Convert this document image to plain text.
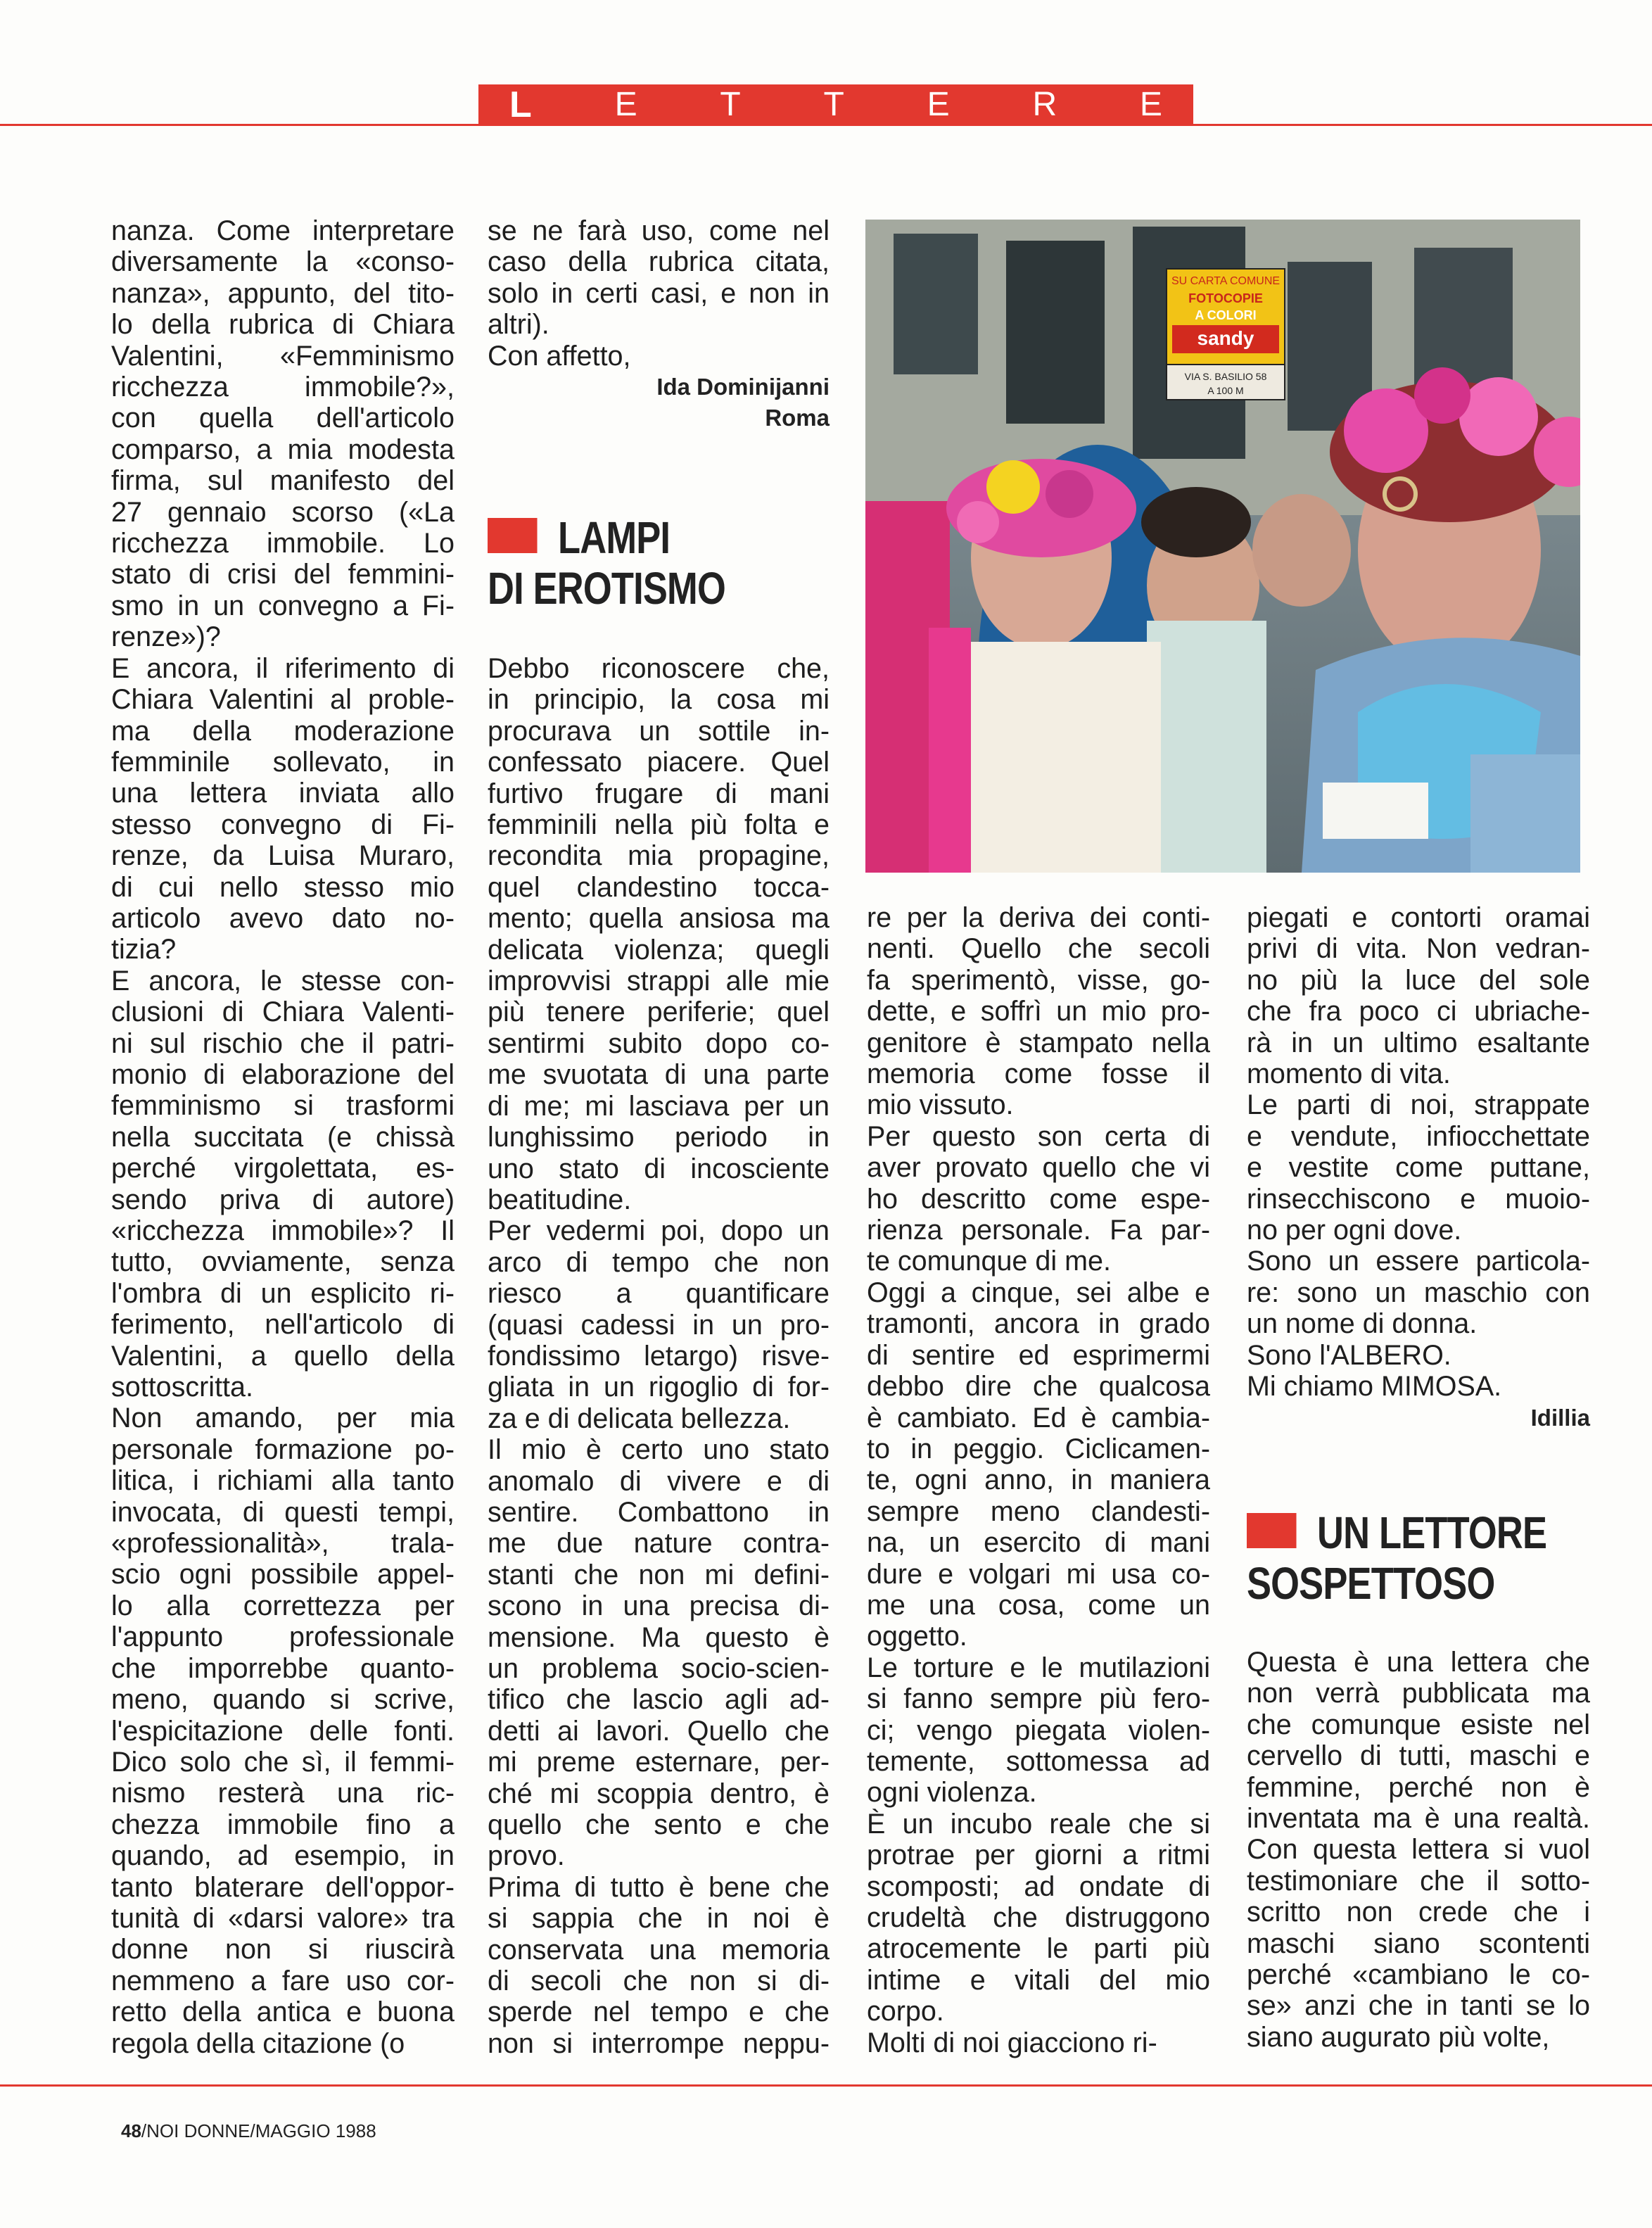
L E T T E R E
nanza. Come interpretare
diversamente la «conso-
nanza», appunto, del tito-
lo della rubrica di Chiara
Valentini, «Femminismo
ricchezza immobile?»,
con quella dell'articolo
comparso, a mia modesta
firma, sul manifesto del
27 gennaio scorso («La
ricchezza immobile. Lo
stato di crisi del femmini-
smo in un convegno a Fi-
renze»)?
E ancora, il riferimento di
Chiara Valentini al proble-
ma della moderazione
femminile sollevato, in
una lettera inviata allo
stesso convegno di Fi-
renze, da Luisa Muraro,
di cui nello stesso mio
articolo avevo dato no-
tizia?
E ancora, le stesse con-
clusioni di Chiara Valenti-
ni sul rischio che il patri-
monio di elaborazione del
femminismo si trasformi
nella succitata (e chissà
perché virgolettata, es-
sendo priva di autore)
«ricchezza immobile»? Il
tutto, ovviamente, senza
l'ombra di un esplicito ri-
ferimento, nell'articolo di
Valentini, a quello della
sottoscritta.
Non amando, per mia
personale formazione po-
litica, i richiami alla tanto
invocata, di questi tempi,
«professionalità», trala-
scio ogni possibile appel-
lo alla correttezza per
l'appunto professionale
che imporrebbe quanto-
meno, quando si scrive,
l'espicitazione delle fonti.
Dico solo che sì, il femmi-
nismo resterà una ric-
chezza immobile fino a
quando, ad esempio, in
tanto blaterare dell'oppor-
tunità di «darsi valore» tra
donne non si riuscirà
nemmeno a fare uso cor-
retto della antica e buona
regola della citazione (o
se ne farà uso, come nel
caso della rubrica citata,
solo in certi casi, e non in
altri).
Con affetto,
Ida Dominijanni
Roma
LAMPI
DI EROTISMO
Debbo riconoscere che,
in principio, la cosa mi
procurava un sottile in-
confessato piacere. Quel
furtivo frugare di mani
femminili nella più folta e
recondita mia propagine,
quel clandestino tocca-
mento; quella ansiosa ma
delicata violenza; quegli
improvvisi strappi alle mie
più tenere periferie; quel
sentirmi subito dopo co-
me svuotata di una parte
di me; mi lasciava per un
lunghissimo periodo in
uno stato di incosciente
beatitudine.
Per vedermi poi, dopo un
arco di tempo che non
riesco a quantificare
(quasi cadessi in un pro-
fondissimo letargo) risve-
gliata in un rigoglio di for-
za e di delicata bellezza.
Il mio è certo uno stato
anomalo di vivere e di
sentire. Combattono in
me due nature contra-
stanti che non mi defini-
scono in una precisa di-
mensione. Ma questo è
un problema socio-scien-
tifico che lascio agli ad-
detti ai lavori. Quello che
mi preme esternare, per-
ché mi scoppia dentro, è
quello che sento e che
provo.
Prima di tutto è bene che
si sappia che in noi è
conservata una memoria
di secoli che non si di-
sperde nel tempo e che
non si interrompe neppu-
SU CARTA COMUNE
FOTOCOPIE
A COLORI
sandy
VIA S. BASILIO 58
A 100 M
re per la deriva dei conti-
nenti. Quello che secoli
fa sperimentò, visse, go-
dette, e soffrì un mio pro-
genitore è stampato nella
memoria come fosse il
mio vissuto.
Per questo son certa di
aver provato quello che vi
ho descritto come espe-
rienza personale. Fa par-
te comunque di me.
Oggi a cinque, sei albe e
tramonti, ancora in grado
di sentire ed esprimermi
debbo dire che qualcosa
è cambiato. Ed è cambia-
to in peggio. Ciclicamen-
te, ogni anno, in maniera
sempre meno clandesti-
na, un esercito di mani
dure e volgari mi usa co-
me una cosa, come un
oggetto.
Le torture e le mutilazioni
si fanno sempre più fero-
ci; vengo piegata violen-
temente, sottomessa ad
ogni violenza.
È un incubo reale che si
protrae per giorni a ritmi
scomposti; ad ondate di
crudeltà che distruggono
atrocemente le parti più
intime e vitali del mio
corpo.
Molti di noi giacciono ri-
piegati e contorti oramai
privi di vita. Non vedran-
no più la luce del sole
che fra poco ci ubriache-
rà in un ultimo esaltante
momento di vita.
Le parti di noi, strappate
e vendute, infiocchettate
e vestite come puttane,
rinsecchiscono e muoio-
no per ogni dove.
Sono un essere particola-
re: sono un maschio con
un nome di donna.
Sono l'ALBERO.
Mi chiamo MIMOSA.
Idillia
UN LETTORE
SOSPETTOSO
Questa è una lettera che
non verrà pubblicata ma
che comunque esiste nel
cervello di tutti, maschi e
femmine, perché non è
inventata ma è una realtà.
Con questa lettera si vuol
testimoniare che il sotto-
scritto non crede che i
maschi siano scontenti
perché «cambiano le co-
se» anzi che in tanti se lo
siano augurato più volte,
48/NOI DONNE/MAGGIO 1988
